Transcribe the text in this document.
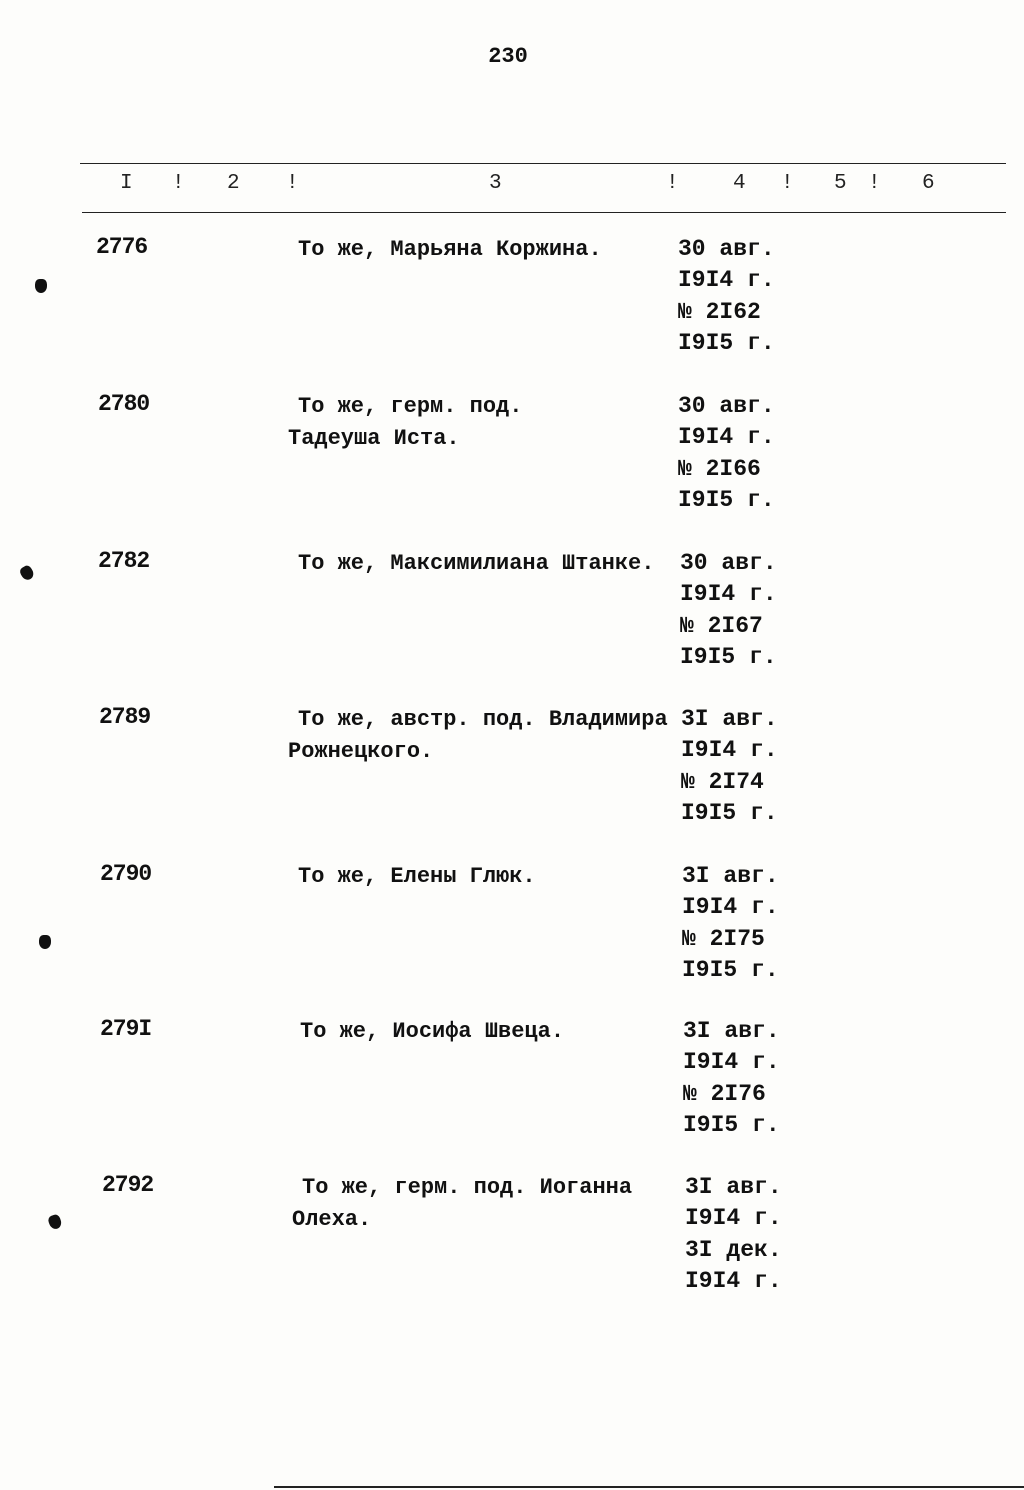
230
I ! 2 !	3	!	4 ! 5 ! 6
2776	То же, Марьяна Коржина.	30 авг.
I9I4 г.
№ 2I62
I9I5 г.
2780	То же, герм. под. Тадеуша Иста.
30 авг.
I9I4 г.
№ 2I66
I9I5 г.
2782	То же, Максимилиана Штанке.	30 авг.
I9I4 г.
№ 2I67
I9I5 г.
2789	То же, австр. под. Владимира Рожнецкого.
3I авг.
I9I4 г.
№ 2I74
I9I5 г.
2790	То же, Елены Глюк.	3I авг.
I9I4 г.
№ 2I75
I9I5 г.
279I	То же, Иосифа Швеца.	3I авг.
I9I4 г.
№ 2I76
I9I5 г.
2792	То же, герм. под. Иоганна Олеха.
3I авг.
I9I4 г.
3I дек.
I9I4 г.
